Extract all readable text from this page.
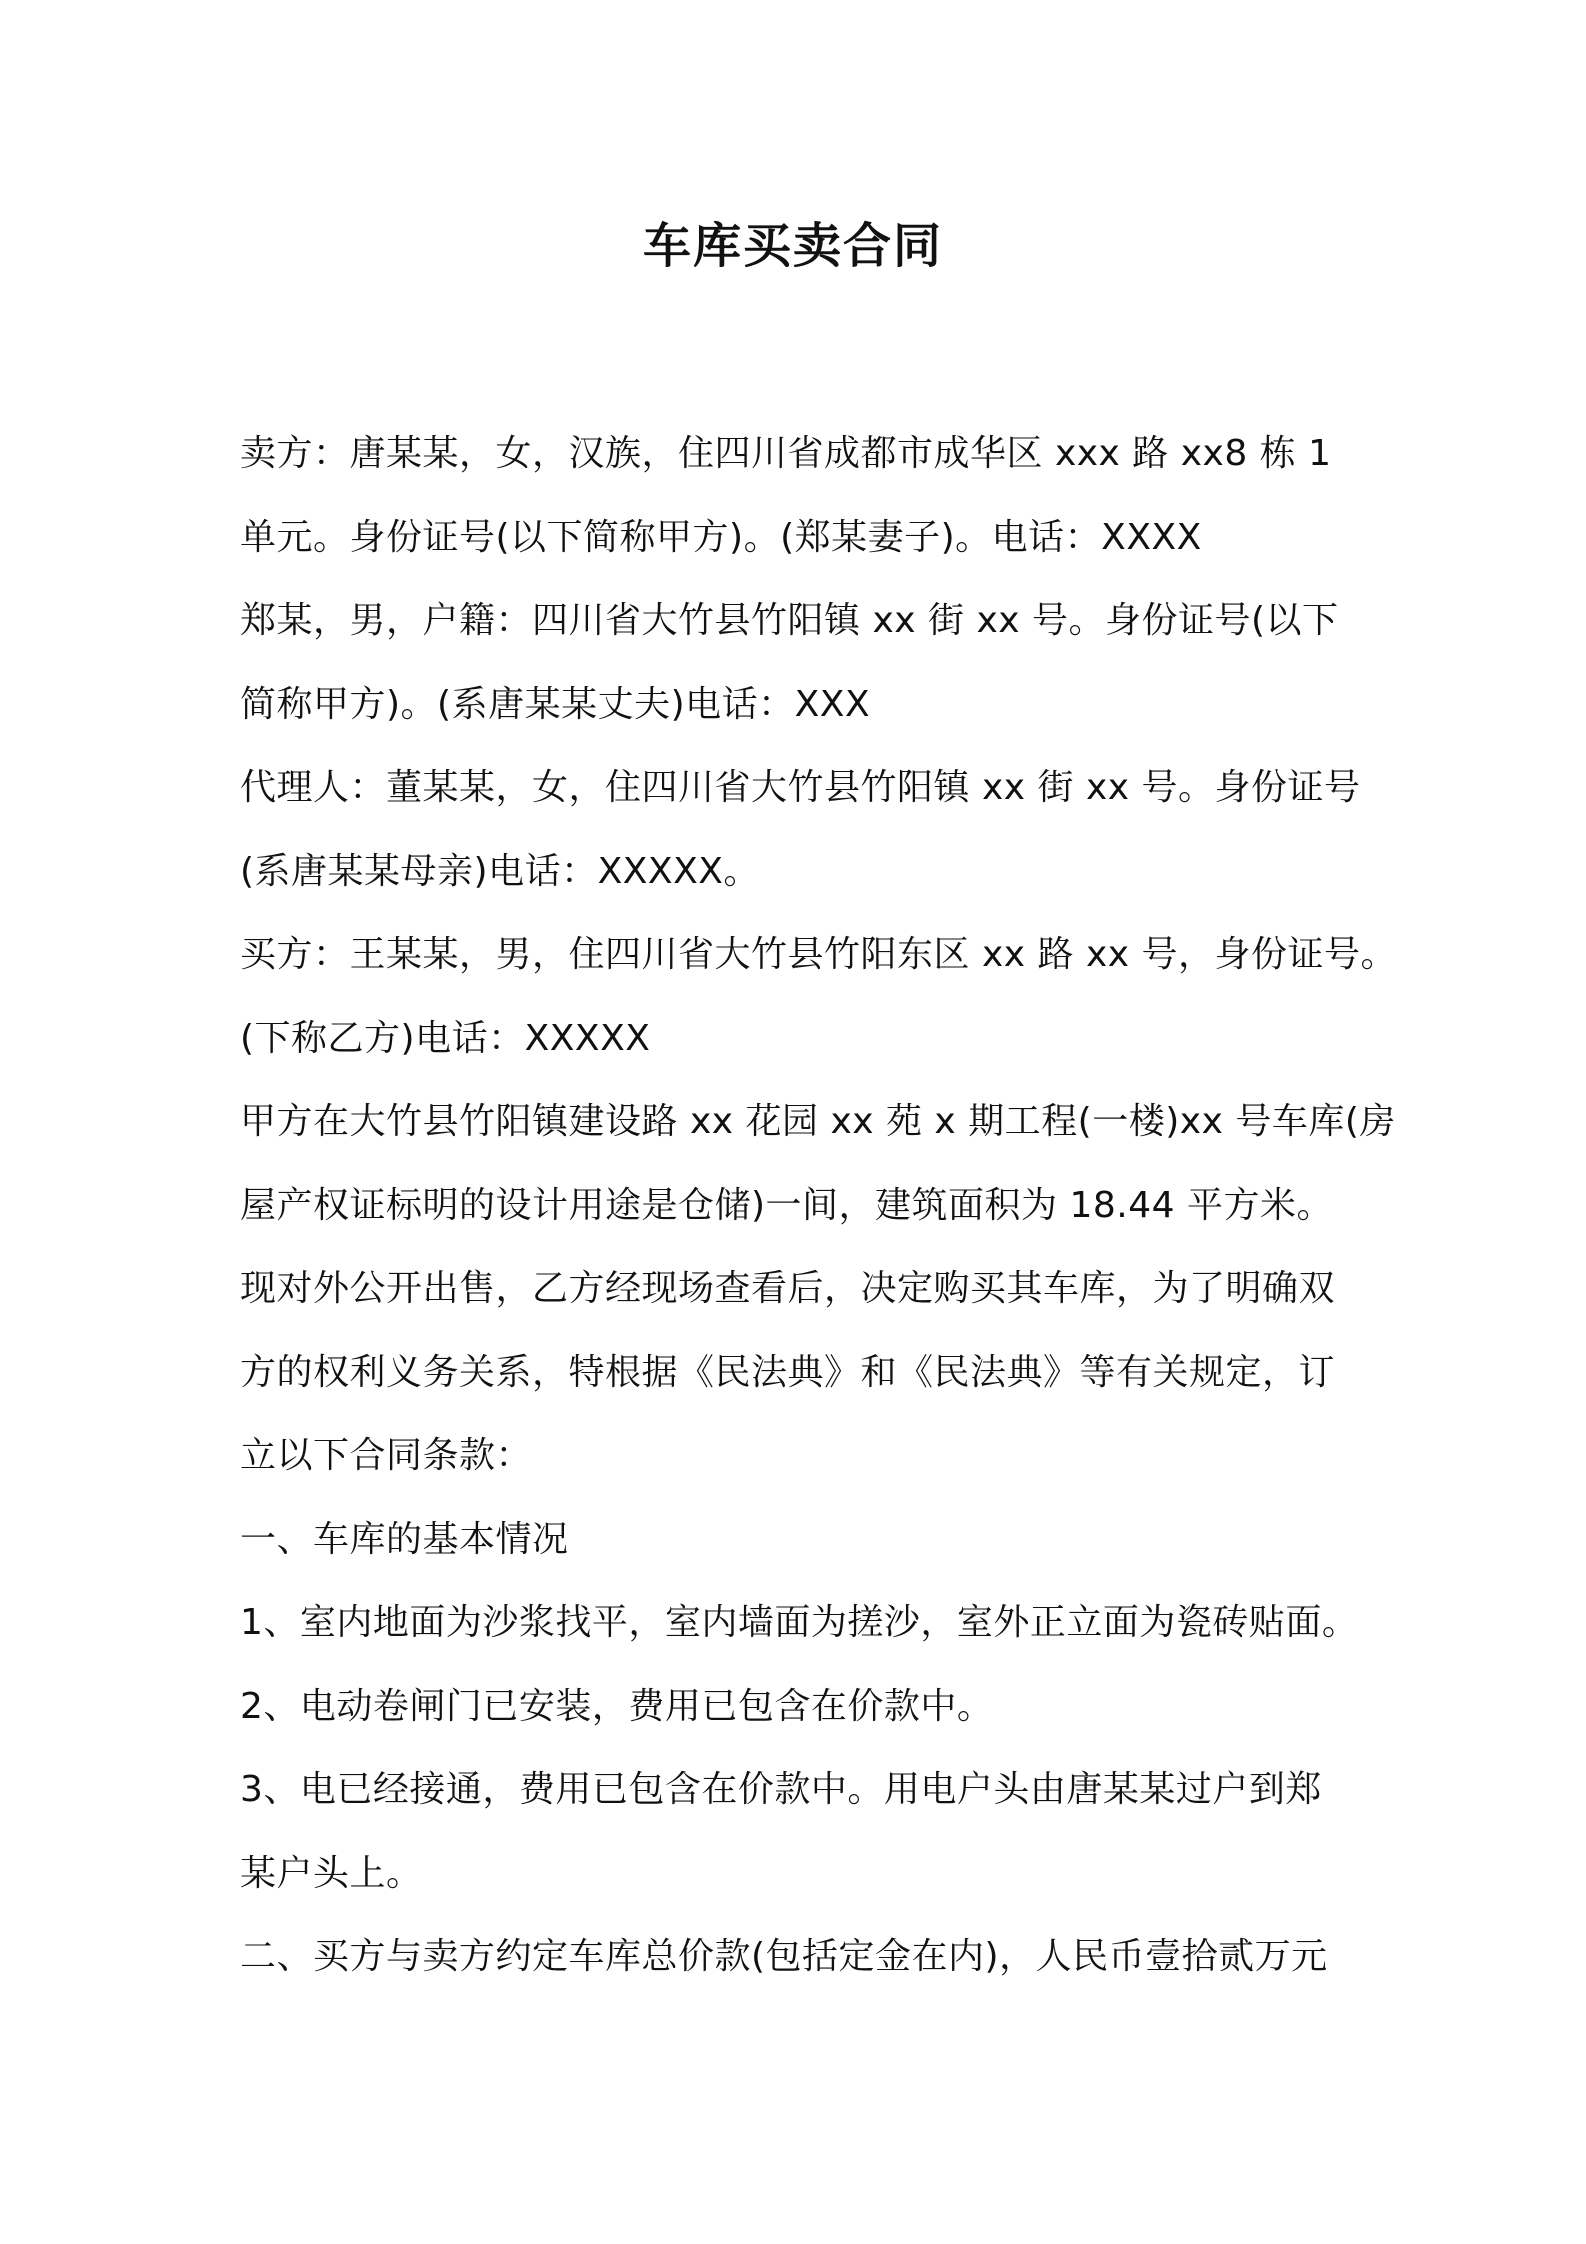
车库买卖合同
卖方：唐某某，女，汉族，住四川省成都市成华区 xxx 路 xx8 栋 1
单元。身份证号(以下简称甲方)。(郑某妻子)。电话：XXXX
郑某，男，户籍：四川省大竹县竹阳镇 xx 街 xx 号。身份证号(以下
简称甲方)。(系唐某某丈夫)电话：XXX
代理人：董某某，女，住四川省大竹县竹阳镇 xx 街 xx 号。身份证号
(系唐某某母亲)电话：XXXXX。
买方：王某某，男，住四川省大竹县竹阳东区 xx 路 xx 号，身份证号。
(下称乙方)电话：XXXXX
甲方在大竹县竹阳镇建设路 xx 花园 xx 苑 x 期工程(一楼)xx 号车库(房
屋产权证标明的设计用途是仓储)一间，建筑面积为 18.44 平方米。
现对外公开出售，乙方经现场查看后，决定购买其车库，为了明确双
方的权利义务关系，特根据《民法典》和《民法典》等有关规定，订
立以下合同条款：
一、车库的基本情况
1、室内地面为沙浆找平，室内墙面为搓沙，室外正立面为瓷砖贴面。
2、电动卷闸门已安装，费用已包含在价款中。
3、电已经接通，费用已包含在价款中。用电户头由唐某某过户到郑
某户头上。
二、买方与卖方约定车库总价款(包括定金在内)，人民币壹拾贰万元
